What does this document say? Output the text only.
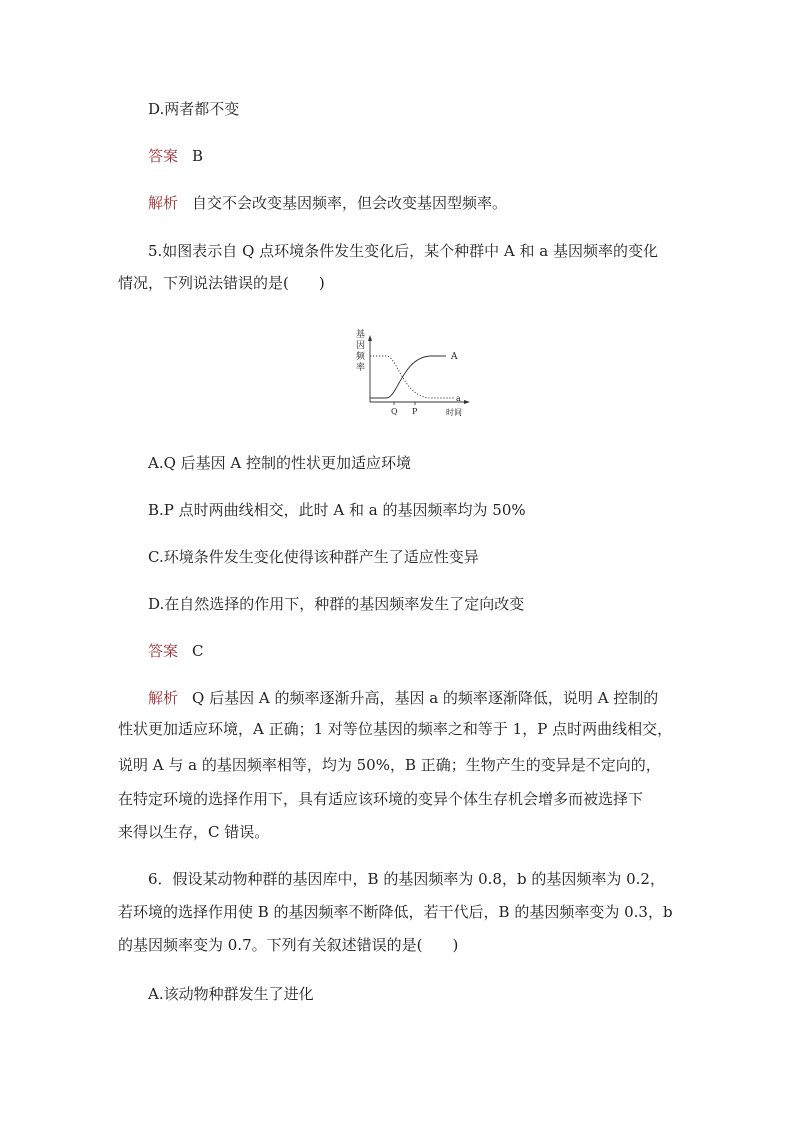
D.两者都不变
答案 B
解析 自交不会改变基因频率，但会改变基因型频率。
5.如图表示自 Q 点环境条件发生变化后，某个种群中 A 和 a 基因频率的变化
情况，下列说法错误的是(　　)
基
因
频
率
A
a
Q P	时间
A.Q 后基因 A 控制的性状更加适应环境
B.P 点时两曲线相交，此时 A 和 a 的基因频率均为 50%
C.环境条件发生变化使得该种群产生了适应性变异
D.在自然选择的作用下，种群的基因频率发生了定向改变
答案 C
解析 Q 后基因 A 的频率逐渐升高，基因 a 的频率逐渐降低，说明 A 控制的
性状更加适应环境，A 正确；1 对等位基因的频率之和等于 1，P 点时两曲线相交，
说明 A 与 a 的基因频率相等，均为 50%，B 正确；生物产生的变异是不定向的，
在特定环境的选择作用下，具有适应该环境的变异个体生存机会增多而被选择下
来得以生存，C 错误。
6．假设某动物种群的基因库中，B 的基因频率为 0.8，b 的基因频率为 0.2，
若环境的选择作用使 B 的基因频率不断降低，若干代后，B 的基因频率变为 0.3，b
的基因频率变为 0.7。下列有关叙述错误的是(　　)
A.该动物种群发生了进化
